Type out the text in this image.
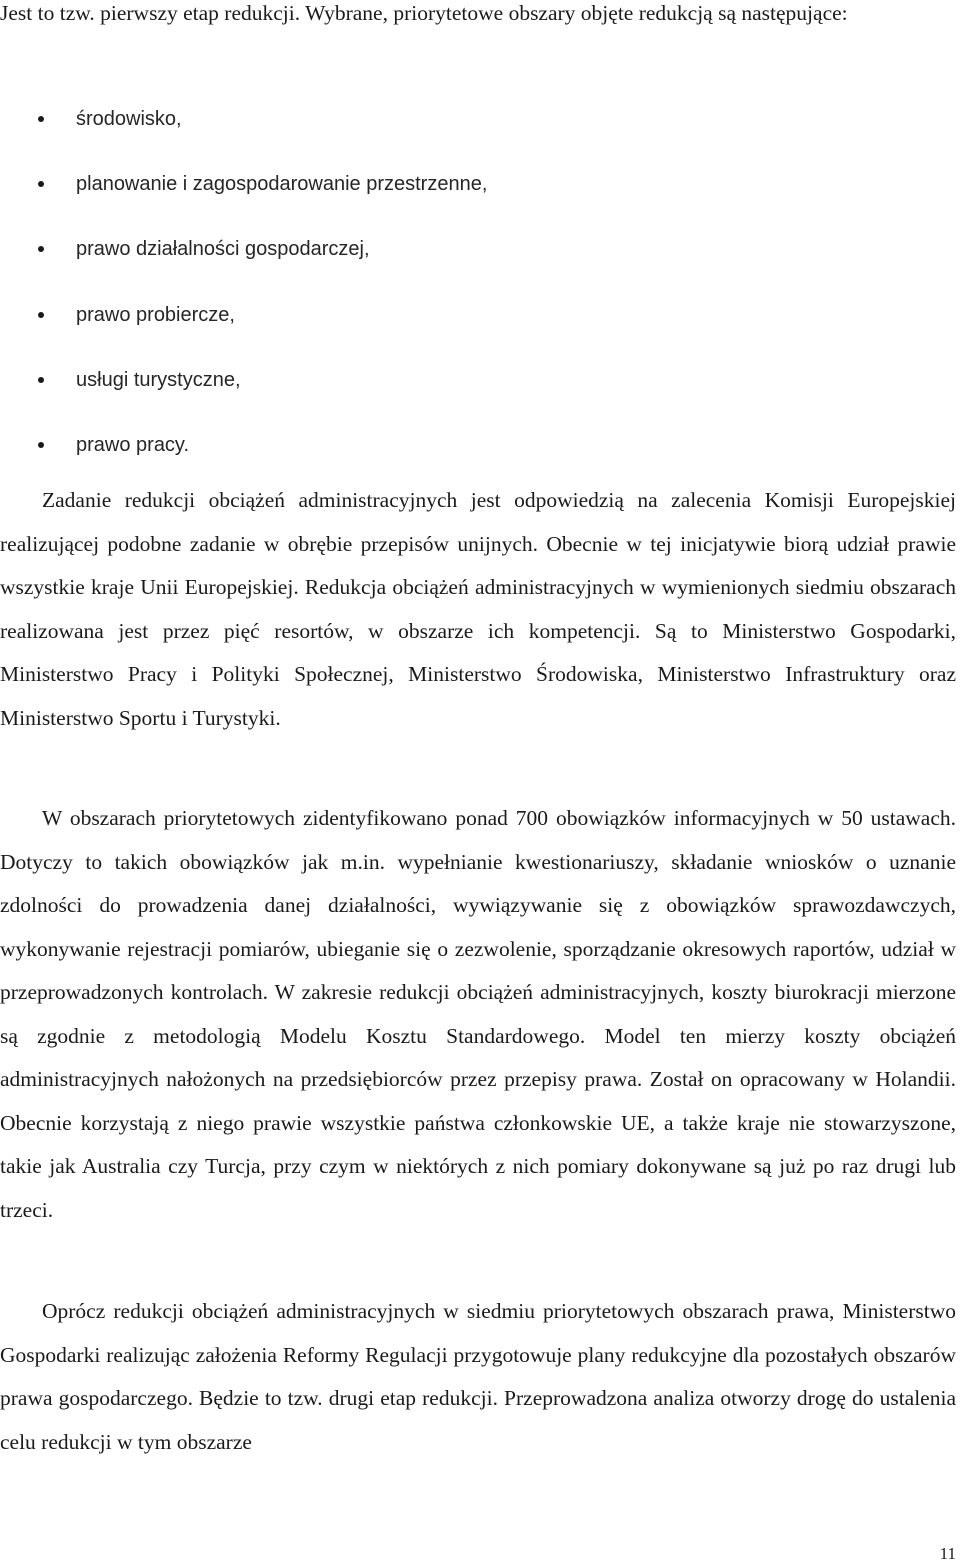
Jest to tzw. pierwszy etap redukcji. Wybrane, priorytetowe obszary objęte redukcją są następujące:

środowisko,
planowanie i zagospodarowanie przestrzenne,
prawo działalności gospodarczej,
prawo probiercze,
usługi turystyczne,
prawo pracy.

Zadanie redukcji obciążeń administracyjnych jest odpowiedzią na zalecenia Komisji Europejskiej realizującej podobne zadanie w obrębie przepisów unijnych. Obecnie w tej inicjatywie biorą udział prawie wszystkie kraje Unii Europejskiej. Redukcja obciążeń administracyjnych w wymienionych siedmiu obszarach realizowana jest przez pięć resortów, w obszarze ich kompetencji. Są to Ministerstwo Gospodarki, Ministerstwo Pracy i Polityki Społecznej, Ministerstwo Środowiska, Ministerstwo Infrastruktury oraz Ministerstwo Sportu i Turystyki.

W obszarach priorytetowych zidentyfikowano ponad 700 obowiązków informacyjnych w 50 ustawach. Dotyczy to takich obowiązków jak m.in. wypełnianie kwestionariuszy, składanie wniosków o uznanie zdolności do prowadzenia danej działalności, wywiązywanie się z obowiązków sprawozdawczych, wykonywanie rejestracji pomiarów, ubieganie się o zezwolenie, sporządzanie okresowych raportów, udział w przeprowadzonych kontrolach. W zakresie redukcji obciążeń administracyjnych, koszty biurokracji mierzone są zgodnie z metodologią Modelu Kosztu Standardowego. Model ten mierzy koszty obciążeń administracyjnych nałożonych na przedsiębiorców przez przepisy prawa. Został on opracowany w Holandii. Obecnie korzystają z niego prawie wszystkie państwa członkowskie UE, a także kraje nie stowarzyszone, takie jak Australia czy Turcja, przy czym w niektórych z nich pomiary dokonywane są już po raz drugi lub trzeci.

Oprócz redukcji obciążeń administracyjnych w siedmiu priorytetowych obszarach prawa, Ministerstwo Gospodarki realizując założenia Reformy Regulacji przygotowuje plany redukcyjne dla pozostałych obszarów prawa gospodarczego. Będzie to tzw. drugi etap redukcji. Przeprowadzona analiza otworzy drogę do ustalenia celu redukcji w tym obszarze

11
